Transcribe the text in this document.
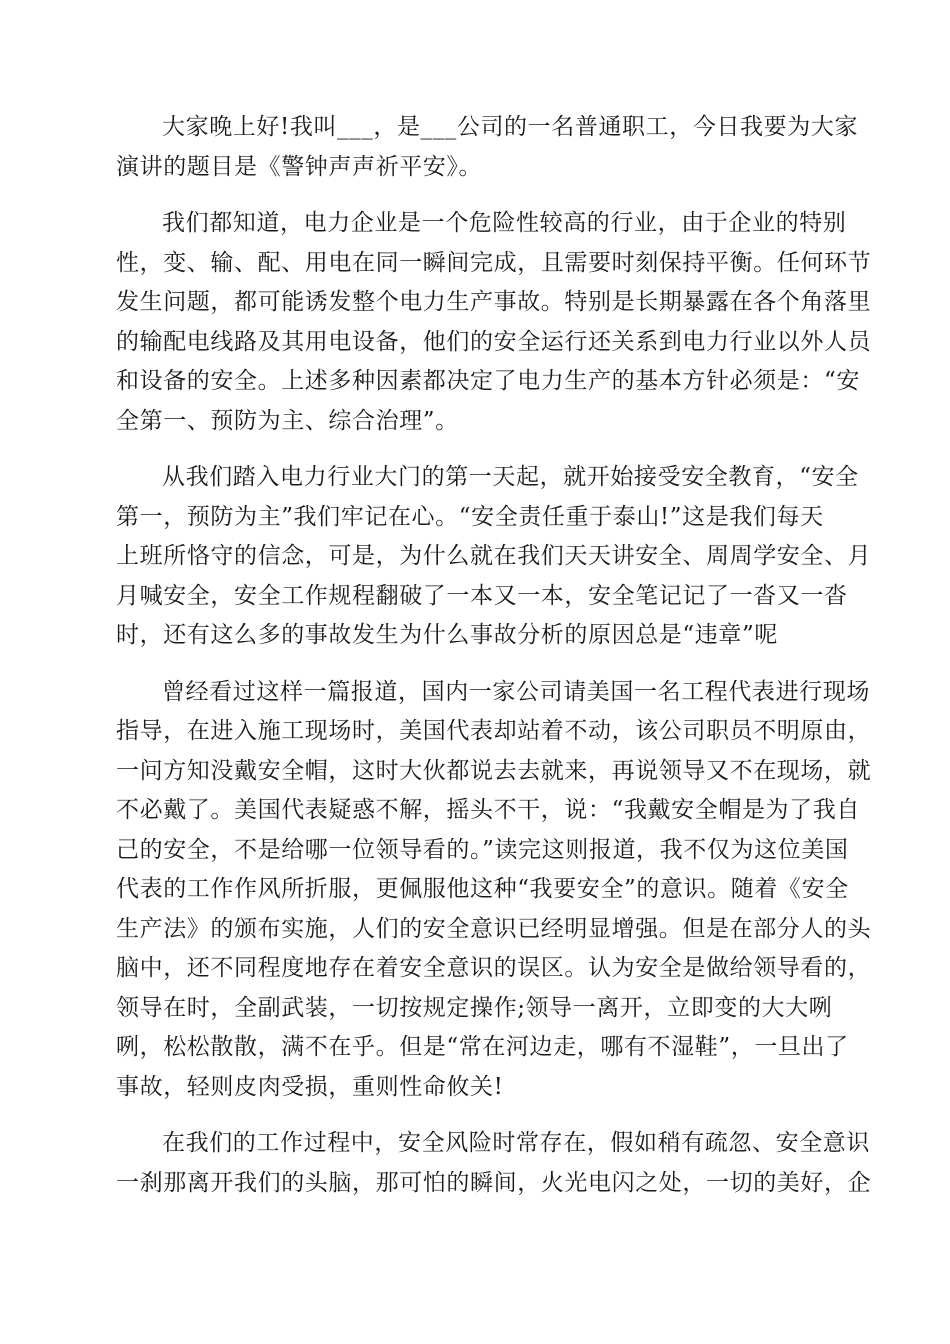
大家晚上好!我叫___，是___公司的一名普通职工，今日我要为大家
演讲的题目是《警钟声声祈平安》。

我们都知道，电力企业是一个危险性较高的行业，由于企业的特别
性，变、输、配、用电在同一瞬间完成，且需要时刻保持平衡。任何环节
发生问题，都可能诱发整个电力生产事故。特别是长期暴露在各个角落里
的输配电线路及其用电设备，他们的安全运行还关系到电力行业以外人员
和设备的安全。上述多种因素都决定了电力生产的基本方针必须是：“安
全第一、预防为主、综合治理”。

从我们踏入电力行业大门的第一天起，就开始接受安全教育，“安全
第一，预防为主”我们牢记在心。“安全责任重于泰山!”这是我们每天
上班所恪守的信念，可是，为什么就在我们天天讲安全、周周学安全、月
月喊安全，安全工作规程翻破了一本又一本，安全笔记记了一沓又一沓
时，还有这么多的事故发生为什么事故分析的原因总是“违章”呢

曾经看过这样一篇报道，国内一家公司请美国一名工程代表进行现场
指导，在进入施工现场时，美国代表却站着不动，该公司职员不明原由，
一问方知没戴安全帽，这时大伙都说去去就来，再说领导又不在现场，就
不必戴了。美国代表疑惑不解，摇头不干，说：“我戴安全帽是为了我自
己的安全，不是给哪一位领导看的。”读完这则报道，我不仅为这位美国
代表的工作作风所折服，更佩服他这种“我要安全”的意识。随着《安全
生产法》的颁布实施，人们的安全意识已经明显增强。但是在部分人的头
脑中，还不同程度地存在着安全意识的误区。认为安全是做给领导看的，
领导在时，全副武装，一切按规定操作;领导一离开，立即变的大大咧
咧，松松散散，满不在乎。但是“常在河边走，哪有不湿鞋”，一旦出了
事故，轻则皮肉受损，重则性命攸关!

在我们的工作过程中，安全风险时常存在，假如稍有疏忽、安全意识
一刹那离开我们的头脑，那可怕的瞬间，火光电闪之处，一切的美好，企
